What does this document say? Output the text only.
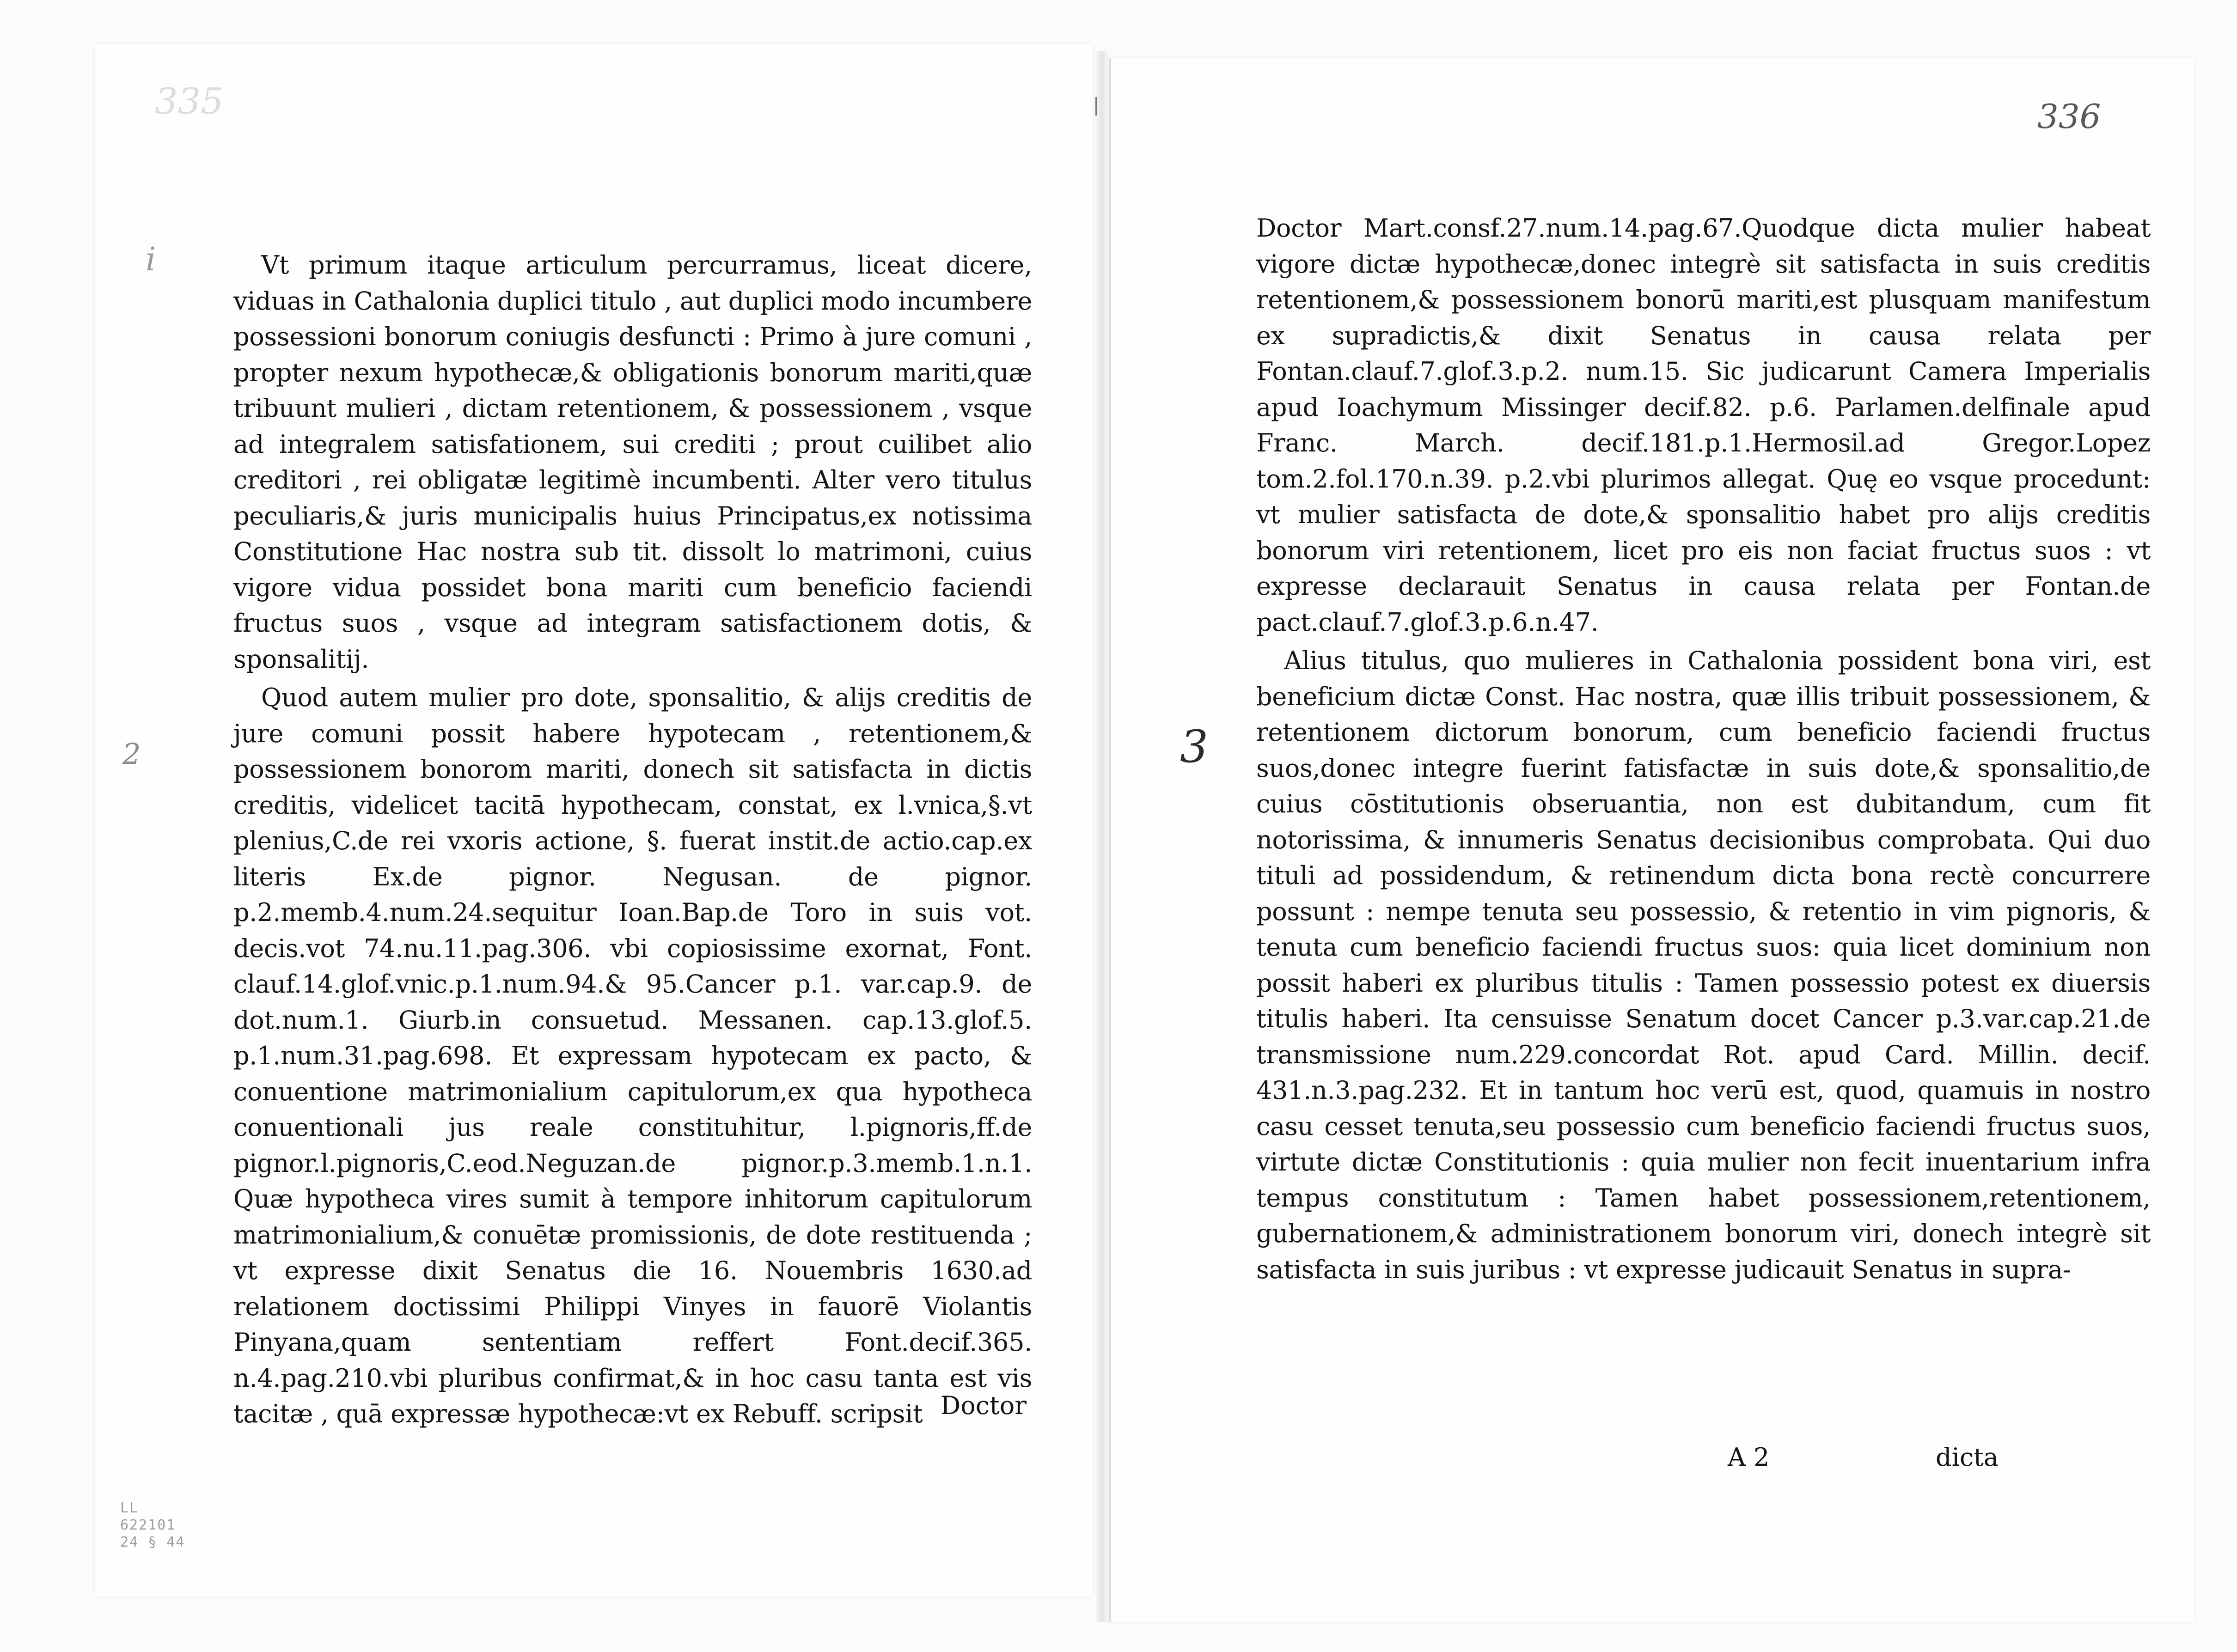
335
i
2

Vt primum itaque articulum percurramus, liceat dicere, viduas in Cathalonia duplici titulo , aut duplici modo incumbere possessioni bonorum coniugis desfuncti : Primo à jure comuni , propter nexum hypothecæ,& obligationis bonorum mariti,quæ tribuunt mulieri , dictam retentionem, & possessionem , vsque ad integralem satisfationem, sui crediti ; prout cuilibet alio creditori , rei obligatæ legitimè incumbenti. Alter vero titulus peculiaris,& juris municipalis huius Principatus,ex notissima Constitutione Hac nostra sub tit. dissolt lo matrimoni, cuius vigore vidua possidet bona mariti cum beneficio faciendi fructus suos , vsque ad integram satisfactionem dotis, & sponsalitij.

Quod autem mulier pro dote, sponsalitio, & alijs creditis de jure comuni possit habere hypotecam , retentionem,& possessionem bonorom mariti, donech sit satisfacta in dictis creditis, videlicet tacitā hypothecam, constat, ex l.vnica,§.vt plenius,C.de rei vxoris actione, §. fuerat instit.de actio.cap.ex literis Ex.de pignor. Negusan. de pignor. p.2.memb.4.num.24.sequitur Ioan.Bap.de Toro in suis vot. decis.vot 74.nu.11.pag.306. vbi copiosissime exornat, Font. clauf.14.glof.vnic.p.1.num.94.& 95.Cancer p.1. var.cap.9. de dot.num.1. Giurb.in consuetud. Messanen. cap.13.glof.5. p.1.num.31.pag.698. Et expressam hypotecam ex pacto, & conuentione matrimonialium capitulorum,ex qua hypotheca conuentionali jus reale constituhitur, l.pignoris,ff.de pignor.l.pignoris,C.eod.Neguzan.de pignor.p.3.memb.1.n.1. Quæ hypotheca vires sumit à tempore inhitorum capitulorum matrimonialium,& conuētæ promissionis, de dote restituenda ; vt expresse dixit Senatus die 16. Nouembris 1630.ad relationem doctissimi Philippi Vinyes in fauorē Violantis Pinyana,quam sententiam reffert Font.decif.365. n.4.pag.210.vbi pluribus confirmat,& in hoc casu tanta est vis tacitæ , quā expressæ hypothecæ:vt ex Rebuff. scripsit Doctor
LL
622101
24 § 44
336
3

Doctor Mart.consf.27.num.14.pag.67.Quodque dicta mulier habeat vigore dictæ hypothecæ,donec integrè sit satisfacta in suis creditis retentionem,& possessionem bonorū mariti,est plusquam manifestum ex supradictis,& dixit Senatus in causa relata per Fontan.clauf.7.glof.3.p.2. num.15. Sic judicarunt Camera Imperialis apud Ioachymum Missinger decif.82. p.6. Parlamen.delfinale apud Franc. March. decif.181.p.1.Hermosil.ad Gregor.Lopez tom.2.fol.170.n.39. p.2.vbi plurimos allegat. Quę eo vsque procedunt: vt mulier satisfacta de dote,& sponsalitio habet pro alijs creditis bonorum viri retentionem, licet pro eis non faciat fructus suos : vt expresse declarauit Senatus in causa relata per Fontan.de pact.clauf.7.glof.3.p.6.n.47.

Alius titulus, quo mulieres in Cathalonia possident bona viri, est beneficium dictæ Const. Hac nostra, quæ illis tribuit possessionem, & retentionem dictorum bonorum, cum beneficio faciendi fructus suos,donec integre fuerint fatisfactæ in suis dote,& sponsalitio,de cuius cōstitutionis obseruantia, non est dubitandum, cum fit notorissima, & innumeris Senatus decisionibus comprobata. Qui duo tituli ad possidendum, & retinendum dicta bona rectè concurrere possunt : nempe tenuta seu possessio, & retentio in vim pignoris, & tenuta cum beneficio faciendi fructus suos: quia licet dominium non possit haberi ex pluribus titulis : Tamen possessio potest ex diuersis titulis haberi. Ita censuisse Senatum docet Cancer p.3.var.cap.21.de transmissione num.229.concordat Rot. apud Card. Millin. decif. 431.n.3.pag.232. Et in tantum hoc verū est, quod, quamuis in nostro casu cesset tenuta,seu possessio cum beneficio faciendi fructus suos, virtute dictæ Constitutionis : quia mulier non fecit inuentarium infra tempus constitutum : Tamen habet possessionem,retentionem, gubernationem,& administrationem bonorum viri, donech integrè sit satisfacta in suis juribus : vt expresse judicauit Senatus in supra-

A 2	dicta
